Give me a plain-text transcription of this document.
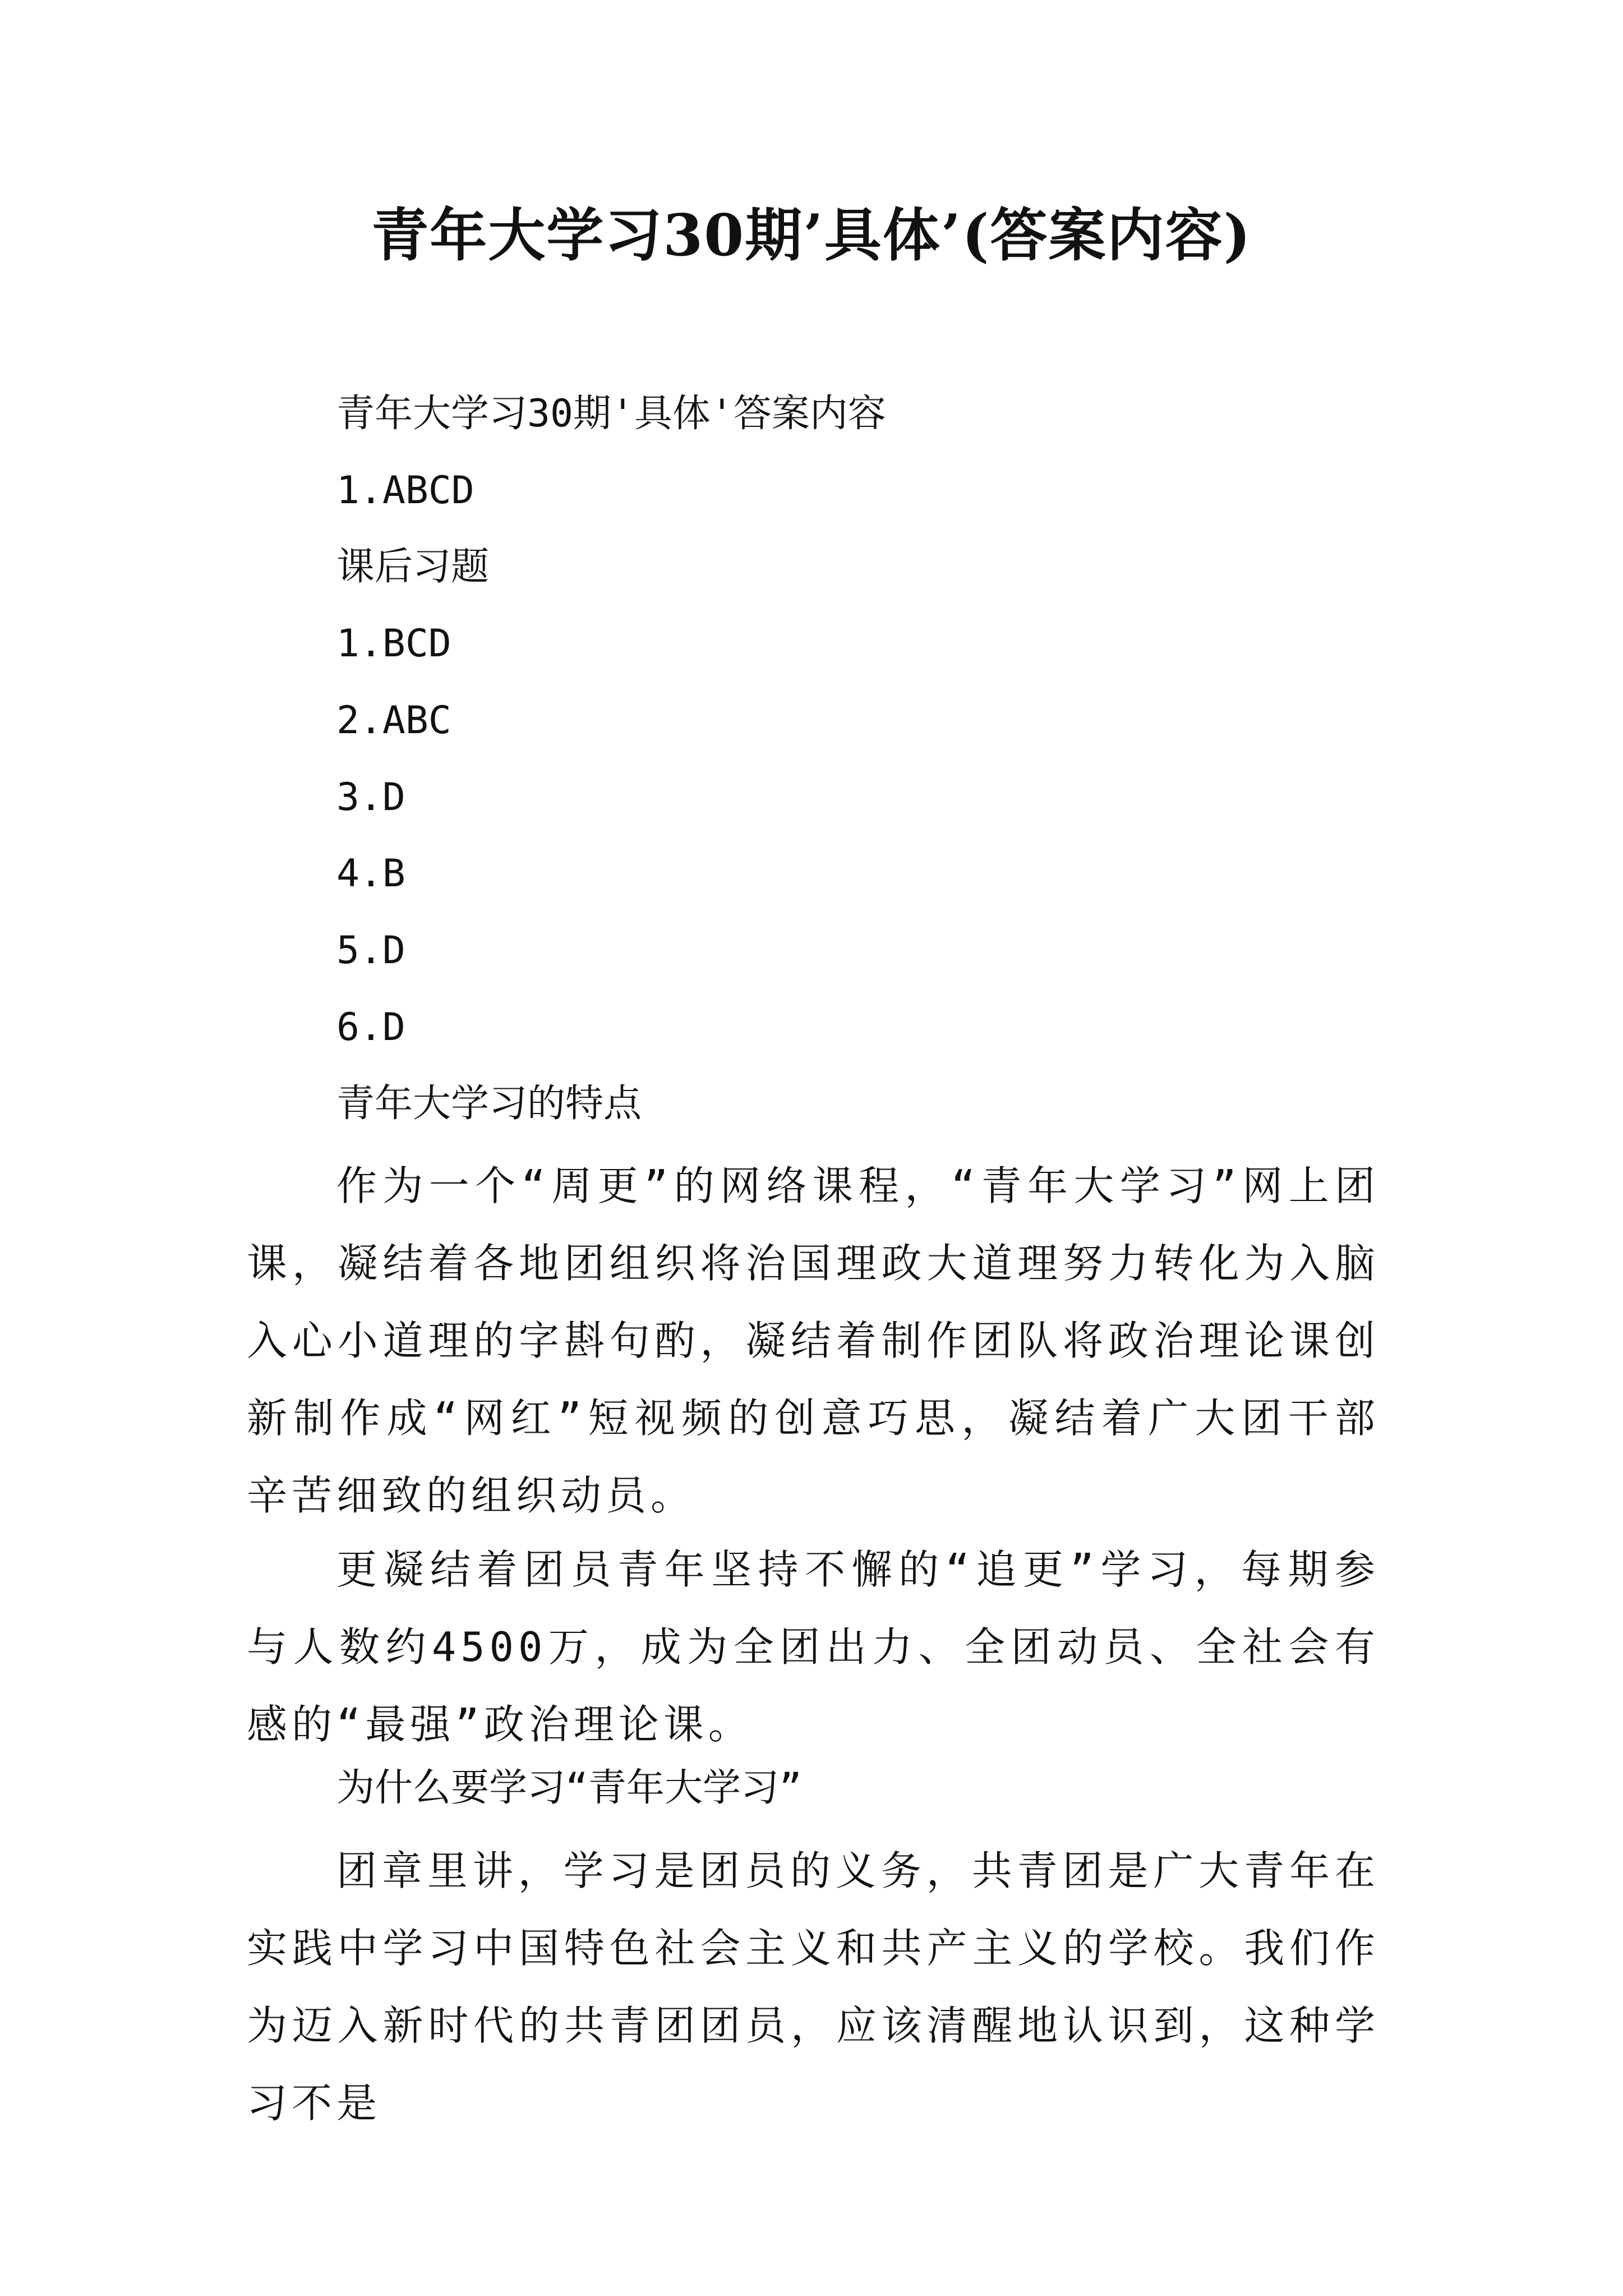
青年大学习30期’具体’(答案内容)

青年大学习30期'具体'答案内容

1.ABCD

课后习题

1.BCD

2.ABC

3.D

4.B

5.D

6.D

青年大学习的特点

作为一个“周更”的网络课程，“青年大学习”网上团课，凝结着各地团组织将治国理政大道理努力转化为入脑入心小道理的字斟句酌，凝结着制作团队将政治理论课创新制作成“网红”短视频的创意巧思，凝结着广大团干部辛苦细致的组织动员。

更凝结着团员青年坚持不懈的“追更”学习，每期参与人数约4500万，成为全团出力、全团动员、全社会有感的“最强”政治理论课。

为什么要学习“青年大学习”

团章里讲，学习是团员的义务，共青团是广大青年在实践中学习中国特色社会主义和共产主义的学校。我们作为迈入新时代的共青团团员，应该清醒地认识到，这种学习不是
